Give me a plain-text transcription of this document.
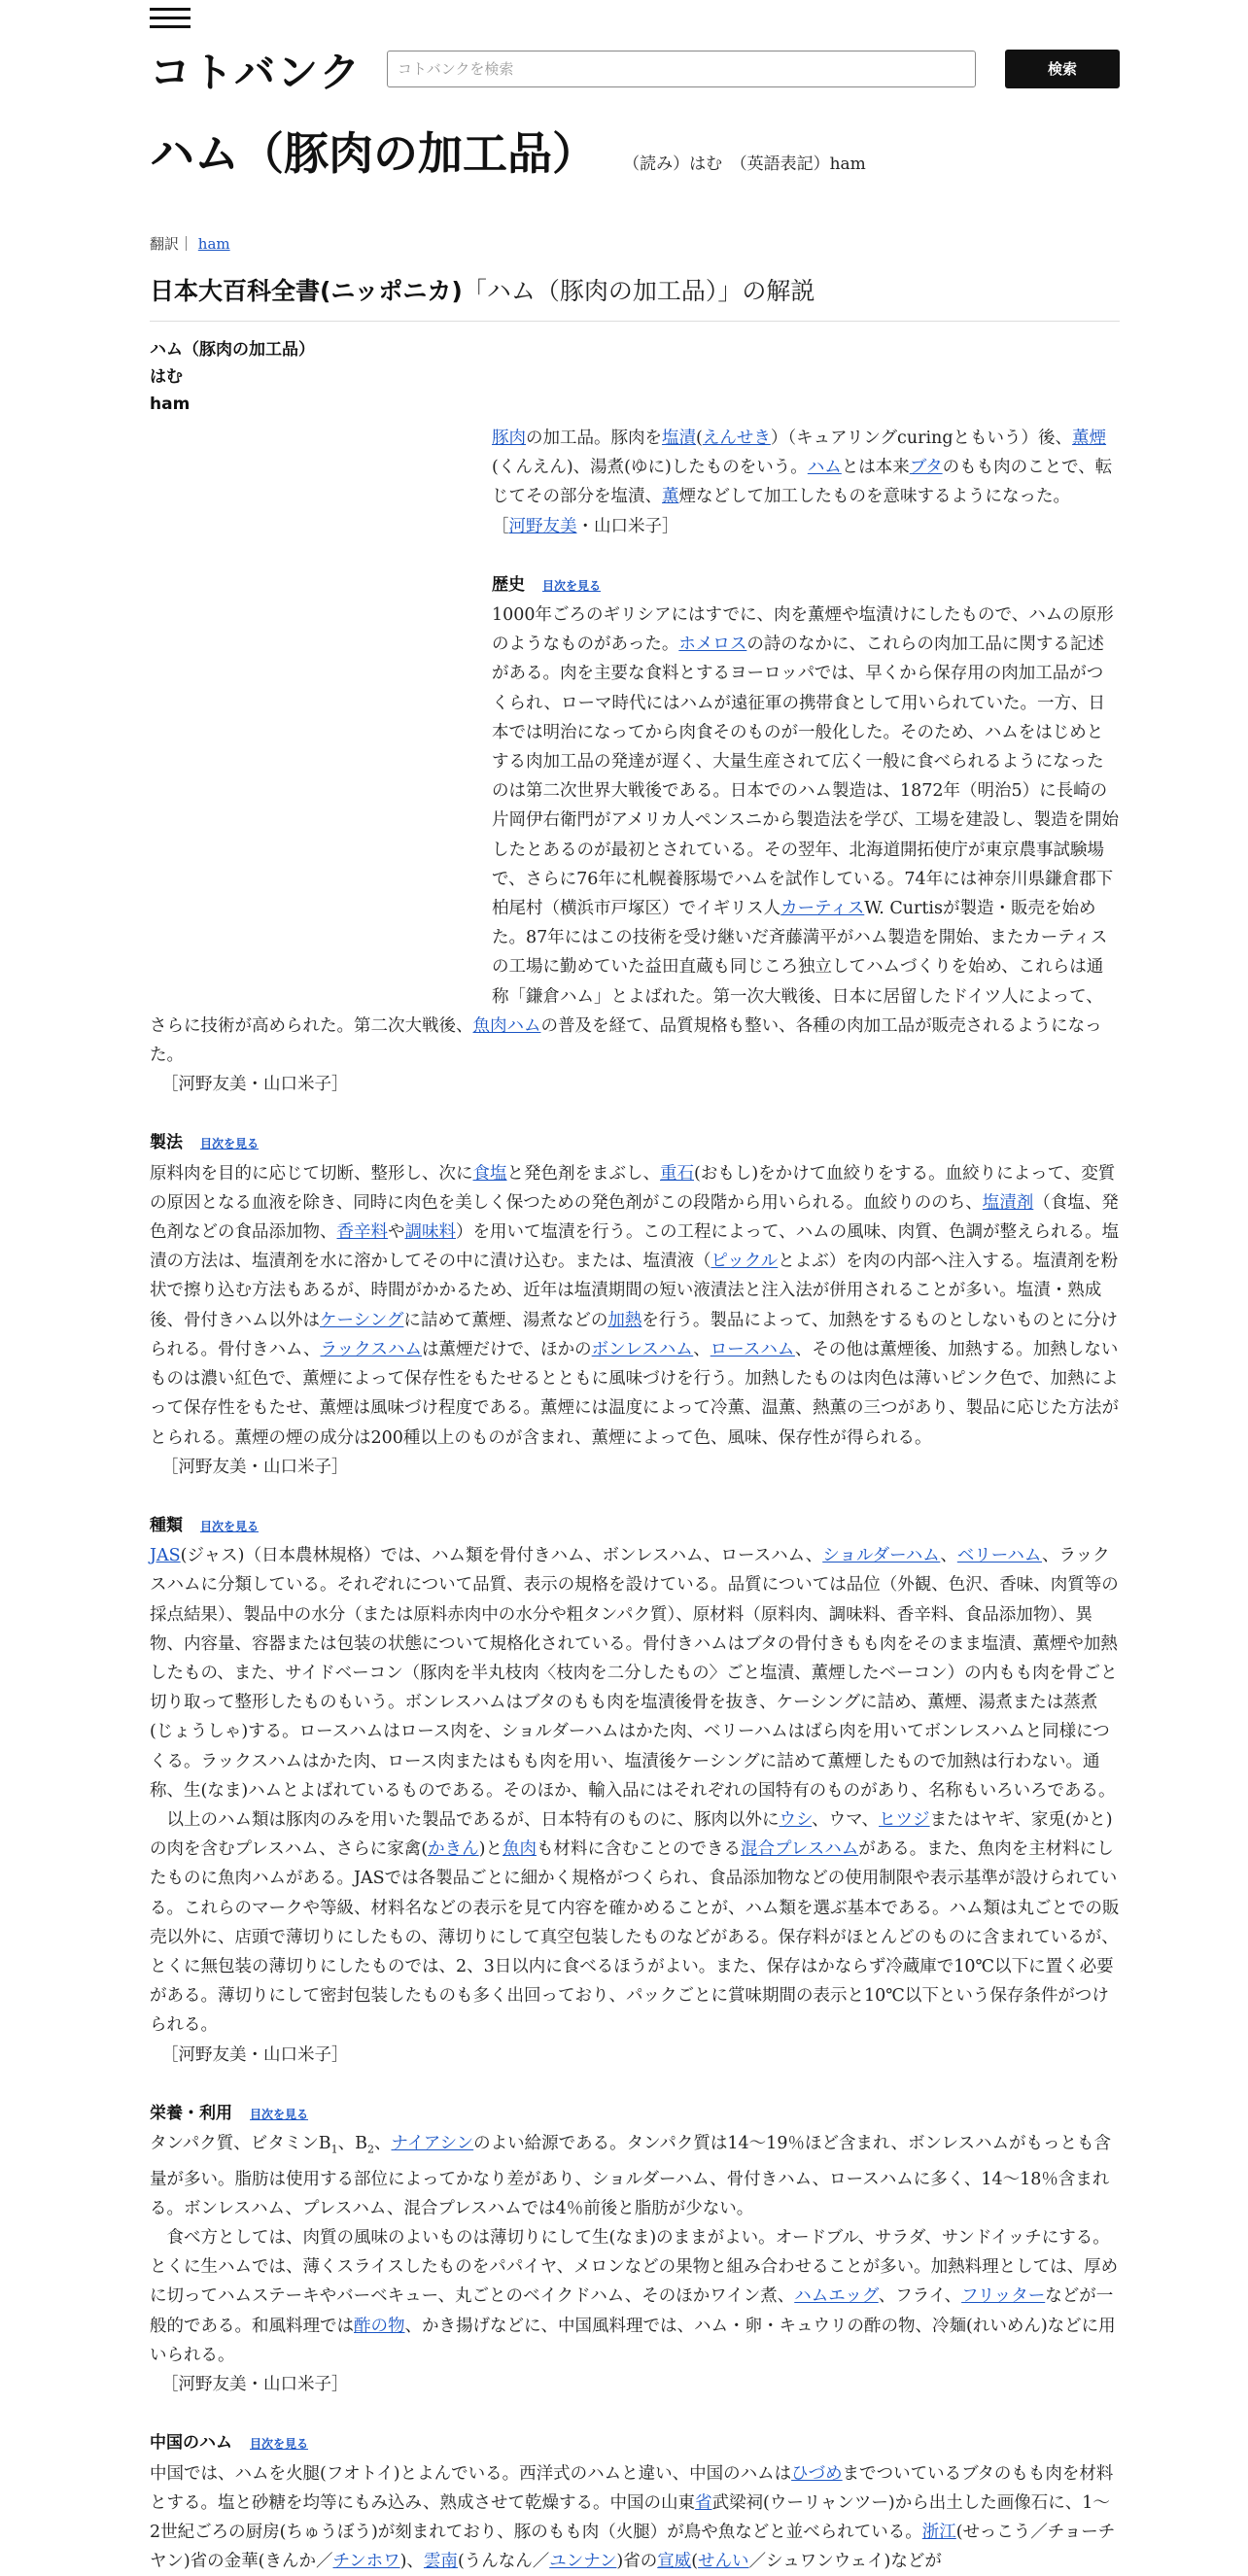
コトバンク	コトバンクを検索	検索
ハム（豚肉の加工品） （読み）はむ　（英語表記）ham
翻訳｜ ham
日本大百科全書(ニッポニカ)「ハム（豚肉の加工品）」の解説
ハム（豚肉の加工品）
はむ
ham

豚肉の加工品。豚肉を塩漬(えんせき）（キュアリングcuringともいう）後、薫煙(くんえん)、湯煮(ゆに)したものをいう。ハムとは本来ブタのもも肉のことで、転じてその部分を塩漬、薫煙などして加工したものを意味するようになった。

［河野友美・山口米子］

歴史 目次を見る

1000年ごろのギリシアにはすでに、肉を薫煙や塩漬けにしたもので、ハムの原形のようなものがあった。ホメロスの詩のなかに、これらの肉加工品に関する記述がある。肉を主要な食料とするヨーロッパでは、早くから保存用の肉加工品がつくられ、ローマ時代にはハムが遠征軍の携帯食として用いられていた。一方、日本では明治になってから肉食そのものが一般化した。そのため、ハムをはじめとする肉加工品の発達が遅く、大量生産されて広く一般に食べられるようになったのは第二次世界大戦後である。日本でのハム製造は、1872年（明治5）に長崎の片岡伊右衛門がアメリカ人ペンスニから製造法を学び、工場を建設し、製造を開始したとあるのが最初とされている。その翌年、北海道開拓使庁が東京農事試験場で、さらに76年に札幌養豚場でハムを試作している。74年には神奈川県鎌倉郡下柏尾村（横浜市戸塚区）でイギリス人カーティスW. Curtisが製造・販売を始めた。87年にはこの技術を受け継いだ斉藤満平がハム製造を開始、またカーティスの工場に勤めていた益田直蔵も同じころ独立してハムづくりを始め、これらは通称「鎌倉ハム」とよばれた。第一次大戦後、日本に居留したドイツ人によって、さらに技術が高められた。第二次大戦後、魚肉ハムの普及を経て、品質規格も整い、各種の肉加工品が販売されるようになった。

［河野友美・山口米子］

製法 目次を見る

原料肉を目的に応じて切断、整形し、次に食塩と発色剤をまぶし、重石(おもし)をかけて血絞りをする。血絞りによって、変質の原因となる血液を除き、同時に肉色を美しく保つための発色剤がこの段階から用いられる。血絞りののち、塩漬剤（食塩、発色剤などの食品添加物、香辛料や調味料）を用いて塩漬を行う。この工程によって、ハムの風味、肉質、色調が整えられる。塩漬の方法は、塩漬剤を水に溶かしてその中に漬け込む。または、塩漬液（ピックルとよぶ）を肉の内部へ注入する。塩漬剤を粉状で擦り込む方法もあるが、時間がかかるため、近年は塩漬期間の短い液漬法と注入法が併用されることが多い。塩漬・熟成後、骨付きハム以外はケーシングに詰めて薫煙、湯煮などの加熱を行う。製品によって、加熱をするものとしないものとに分けられる。骨付きハム、ラックスハムは薫煙だけで、ほかのボンレスハム、ロースハム、その他は薫煙後、加熱する。加熱しないものは濃い紅色で、薫煙によって保存性をもたせるとともに風味づけを行う。加熱したものは肉色は薄いピンク色で、加熱によって保存性をもたせ、薫煙は風味づけ程度である。薫煙には温度によって冷薫、温薫、熱薫の三つがあり、製品に応じた方法がとられる。薫煙の煙の成分は200種以上のものが含まれ、薫煙によって色、風味、保存性が得られる。

［河野友美・山口米子］

種類 目次を見る

JAS(ジャス)（日本農林規格）では、ハム類を骨付きハム、ボンレスハム、ロースハム、ショルダーハム、ベリーハム、ラックスハムに分類している。それぞれについて品質、表示の規格を設けている。品質については品位（外観、色沢、香味、肉質等の採点結果）、製品中の水分（または原料赤肉中の水分や粗タンパク質）、原材料（原料肉、調味料、香辛料、食品添加物）、異物、内容量、容器または包装の状態について規格化されている。骨付きハムはブタの骨付きもも肉をそのまま塩漬、薫煙や加熱したもの、また、サイドベーコン（豚肉を半丸枝肉〈枝肉を二分したもの〉ごと塩漬、薫煙したベーコン）の内もも肉を骨ごと切り取って整形したものもいう。ボンレスハムはブタのもも肉を塩漬後骨を抜き、ケーシングに詰め、薫煙、湯煮または蒸煮(じょうしゃ)する。ロースハムはロース肉を、ショルダーハムはかた肉、ベリーハムはばら肉を用いてボンレスハムと同様につくる。ラックスハムはかた肉、ロース肉またはもも肉を用い、塩漬後ケーシングに詰めて薫煙したもので加熱は行わない。通称、生(なま)ハムとよばれているものである。そのほか、輸入品にはそれぞれの国特有のものがあり、名称もいろいろである。

以上のハム類は豚肉のみを用いた製品であるが、日本特有のものに、豚肉以外にウシ、ウマ、ヒツジまたはヤギ、家兎(かと)の肉を含むプレスハム、さらに家禽(かきん)と魚肉も材料に含むことのできる混合プレスハムがある。また、魚肉を主材料にしたものに魚肉ハムがある。JASでは各製品ごとに細かく規格がつくられ、食品添加物などの使用制限や表示基準が設けられている。これらのマークや等級、材料名などの表示を見て内容を確かめることが、ハム類を選ぶ基本である。ハム類は丸ごとでの販売以外に、店頭で薄切りにしたもの、薄切りにして真空包装したものなどがある。保存料がほとんどのものに含まれているが、とくに無包装の薄切りにしたものでは、2、3日以内に食べるほうがよい。また、保存はかならず冷蔵庫で10℃以下に置く必要がある。薄切りにして密封包装したものも多く出回っており、パックごとに賞味期間の表示と10℃以下という保存条件がつけられる。

［河野友美・山口米子］

栄養・利用 目次を見る

タンパク質、ビタミン$B_1$、$B_2$、ナイアシンのよい給源である。タンパク質は14～19％ほど含まれ、ボンレスハムがもっとも含量が多い。脂肪は使用する部位によってかなり差があり、ショルダーハム、骨付きハム、ロースハムに多く、14～18％含まれる。ボンレスハム、プレスハム、混合プレスハムでは4％前後と脂肪が少ない。

食べ方としては、肉質の風味のよいものは薄切りにして生(なま)のままがよい。オードブル、サラダ、サンドイッチにする。とくに生ハムでは、薄くスライスしたものをパパイヤ、メロンなどの果物と組み合わせることが多い。加熱料理としては、厚めに切ってハムステーキやバーベキュー、丸ごとのベイクドハム、そのほかワイン煮、ハムエッグ、フライ、フリッターなどが一般的である。和風料理では酢の物、かき揚げなどに、中国風料理では、ハム・卵・キュウリの酢の物、冷麺(れいめん)などに用いられる。

［河野友美・山口米子］

中国のハム 目次を見る

中国では、ハムを火腿(フオトイ)とよんでいる。西洋式のハムと違い、中国のハムはひづめまでついているブタのもも肉を材料とする。塩と砂糖を均等にもみ込み、熟成させて乾燥する。中国の山東省武梁祠(ウーリャンツー)から出土した画像石に、1～2世紀ごろの厨房(ちゅうぼう)が刻まれており、豚のもも肉（火腿）が鳥や魚などと並べられている。浙江(せっこう／チョーチヤン)省の金華(きんか／チンホワ)、雲南(うんなん／ユンナン)省の宣威(せんい／シュワンウェイ)などが
